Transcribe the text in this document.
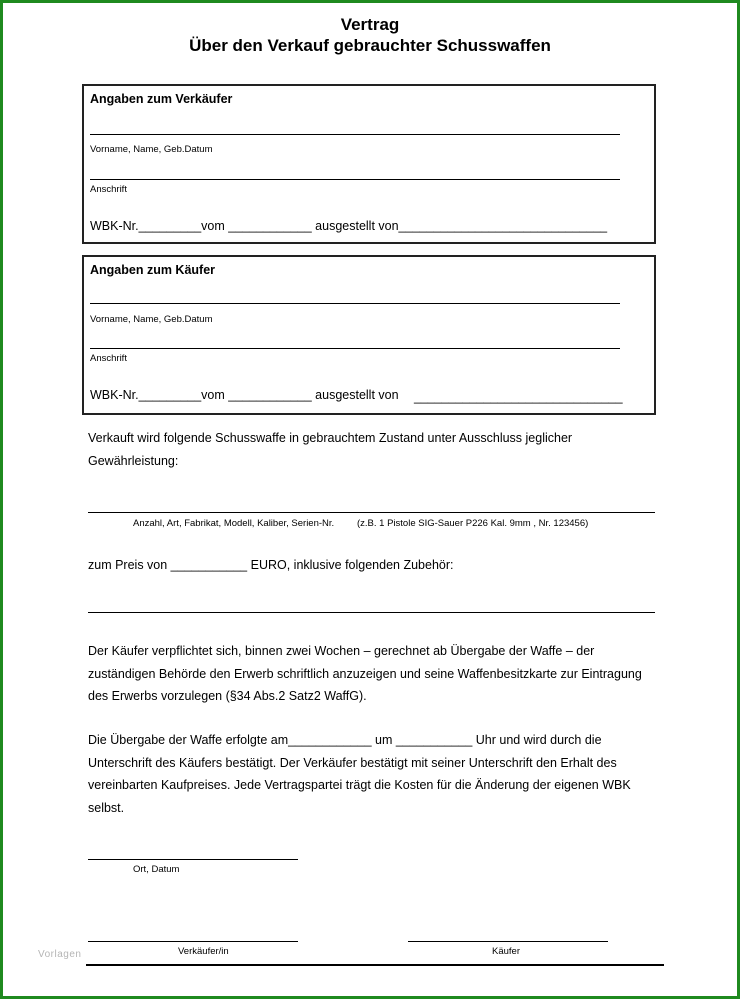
Vertrag
Über den Verkauf gebrauchter Schusswaffen
Angaben zum Verkäufer
Vorname, Name, Geb.Datum
Anschrift
WBK-Nr._________vom ____________ ausgestellt von______________________________
Angaben zum Käufer
Vorname, Name, Geb.Datum
Anschrift
WBK-Nr._________vom ____________ ausgestellt von ______________________________
Verkauft wird folgende Schusswaffe in gebrauchtem Zustand unter Ausschluss jeglicher Gewährleistung:
Anzahl, Art, Fabrikat, Modell, Kaliber, Serien-Nr. (z.B. 1 Pistole SIG-Sauer P226 Kal. 9mm , Nr. 123456)
zum Preis von ___________ EURO, inklusive folgenden Zubehör:
Der Käufer verpflichtet sich, binnen zwei Wochen – gerechnet ab Übergabe der Waffe – der zuständigen Behörde den Erwerb schriftlich anzuzeigen und seine Waffenbesitzkarte zur Eintragung des Erwerbs vorzulegen (§34 Abs.2 Satz2 WaffG).
Die Übergabe der Waffe erfolgte am____________ um ___________ Uhr und wird durch die Unterschrift des Käufers bestätigt. Der Verkäufer bestätigt mit seiner Unterschrift den Erhalt des vereinbarten Kaufpreises. Jede Vertragspartei trägt die Kosten für die Änderung der eigenen WBK selbst.
Ort, Datum
Verkäufer/in	Käufer
Vorlagen
